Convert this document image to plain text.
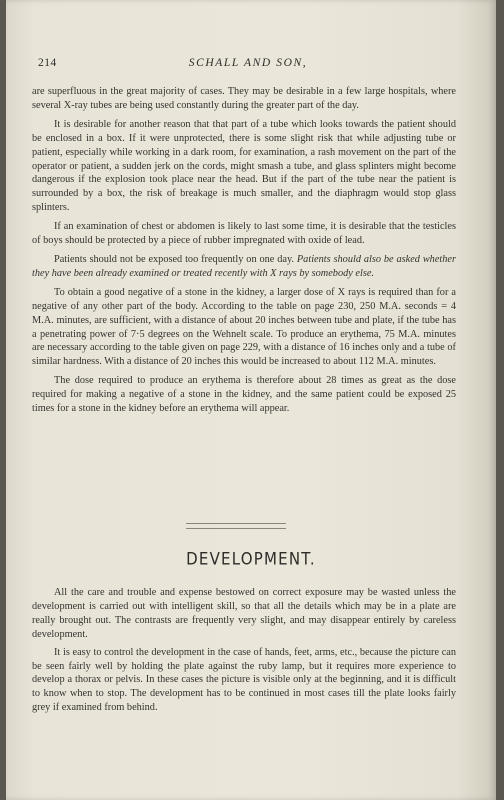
214	SCHALL AND SON,

are superfluous in the great majority of cases. They may be desirable in a few large hospitals, where several X-ray tubes are being used constantly during the greater part of the day.

It is desirable for another reason that that part of a tube which looks towards the patient should be enclosed in a box. If it were unprotected, there is some slight risk that while adjusting tube or patient, especially while working in a dark room, for examination, a rash movement on the part of the operator or patient, a sudden jerk on the cords, might smash a tube, and glass splinters might become dangerous if the explosion took place near the head. But if the part of the tube near the patient is surrounded by a box, the risk of breakage is much smaller, and the diaphragm would stop glass splinters.

If an examination of chest or abdomen is likely to last some time, it is desirable that the testicles of boys should be protected by a piece of rubber impregnated with oxide of lead.

Patients should not be exposed too frequently on one day. Patients should also be asked whether they have been already examined or treated recently with X rays by somebody else.

To obtain a good negative of a stone in the kidney, a larger dose of X rays is required than for a negative of any other part of the body. According to the table on page 230, 250 M.A. seconds = 4 M.A. minutes, are sufficient, with a distance of about 20 inches between tube and plate, if the tube has a penetrating power of 7·5 degrees on the Wehnelt scale. To produce an erythema, 75 M.A. minutes are necessary according to the table given on page 229, with a distance of 16 inches only and a tube of similar hardness. With a distance of 20 inches this would be increased to about 112 M.A. minutes.

The dose required to produce an erythema is therefore about 28 times as great as the dose required for making a negative of a stone in the kidney, and the same patient could be exposed 25 times for a stone in the kidney before an erythema will appear.

DEVELOPMENT.

All the care and trouble and expense bestowed on correct exposure may be wasted unless the development is carried out with intelligent skill, so that all the details which may be in a plate are really brought out. The contrasts are frequently very slight, and may disappear entirely by careless development.

It is easy to control the development in the case of hands, feet, arms, etc., because the picture can be seen fairly well by holding the plate against the ruby lamp, but it requires more experience to develop a thorax or pelvis. In these cases the picture is visible only at the beginning, and it is difficult to know when to stop. The development has to be continued in most cases till the plate looks fairly grey if examined from behind.
